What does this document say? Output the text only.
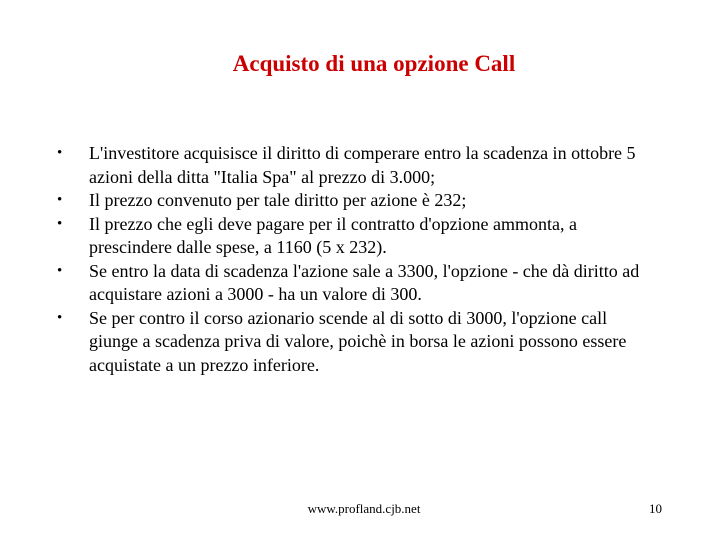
Acquisto di una opzione Call
• L'investitore acquisisce il diritto di comperare entro la scadenza in ottobre 5 azioni della ditta "Italia Spa" al prezzo di 3.000;
• Il prezzo convenuto per tale diritto per azione è 232;
• Il prezzo che egli deve pagare per il contratto d'opzione ammonta, a prescindere dalle spese, a 1160 (5 x 232).
• Se entro la data di scadenza l'azione sale a 3300, l'opzione - che dà diritto ad acquistare azioni a 3000 - ha un valore di 300.
• Se per contro il corso azionario scende al di sotto di 3000, l'opzione call giunge a scadenza priva di valore, poichè in borsa le azioni possono essere acquistate a un prezzo inferiore.
www.profland.cjb.net	10
